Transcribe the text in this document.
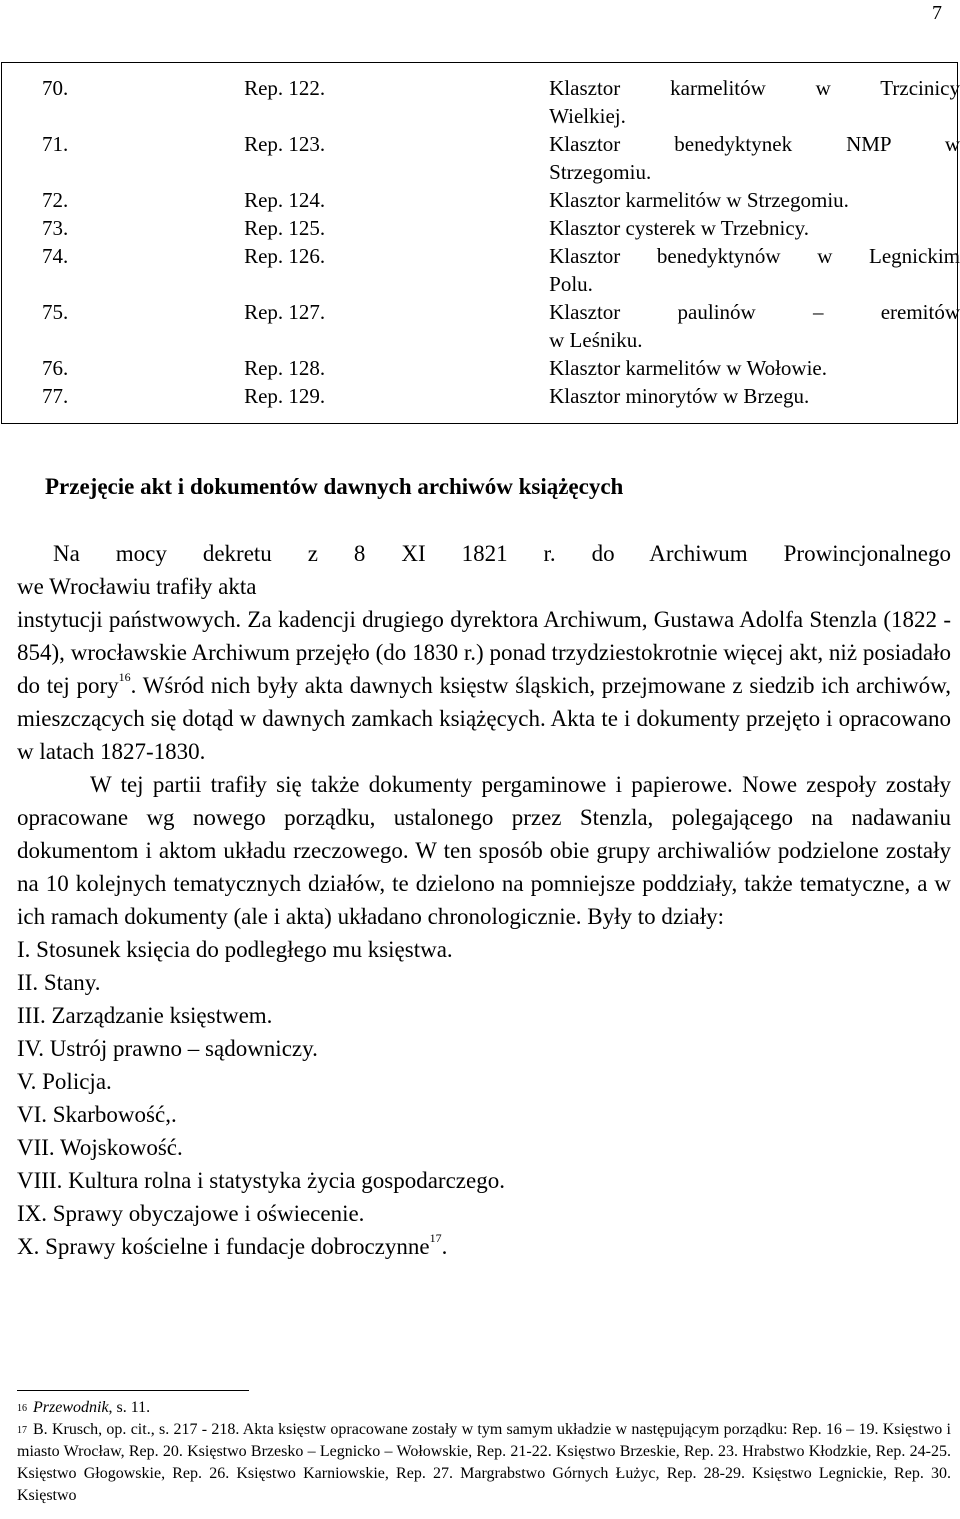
7
70.	Rep. 122.	Klasztor karmelitów w Trzcinicy
Wielkiej.

71.	Rep. 123.	Klasztor benedyktynek NMP w
Strzegomiu.

72.	Rep. 124.	Klasztor karmelitów w Strzegomiu.

73.	Rep. 125.	Klasztor cysterek w Trzebnicy.

74.	Rep. 126.	Klasztor benedyktynów w Legnickim
Polu.

75.	Rep. 127.	Klasztor paulinów – eremitów
w Leśniku.

76.	Rep. 128.	Klasztor karmelitów w Wołowie.

77.	Rep. 129.	Klasztor minorytów w Brzegu.
Przejęcie akt i dokumentów dawnych archiwów książęcych

Na mocy dekretu z 8 XI 1821 r. do Archiwum Prowincjonalnego

we Wrocławiu trafiły akta

instytucji państwowych. Za kadencji drugiego dyrektora Archiwum, Gustawa Adolfa Stenzla (1822 - 854), wrocławskie Archiwum przejęło (do 1830 r.) ponad trzydziestokrotnie więcej akt, niż posiadało do tej pory$^{16}$. Wśród nich były akta dawnych księstw śląskich, przejmowane z siedzib ich archiwów, mieszczących się dotąd w dawnych zamkach książęcych. Akta te i dokumenty przejęto i opracowano w latach 1827-1830.

W tej partii trafiły się także dokumenty pergaminowe i papierowe. Nowe zespoły zostały opracowane wg nowego porządku, ustalonego przez Stenzla, polegającego na nadawaniu dokumentom i aktom układu rzeczowego. W ten sposób obie grupy archiwaliów podzielone zostały na 10 kolejnych tematycznych działów, te dzielono na pomniejsze poddziały, także tematyczne, a w ich ramach dokumenty (ale i akta) układano chronologicznie. Były to działy:

I. Stosunek księcia do podległego mu księstwa.
II. Stany.
III. Zarządzanie księstwem.
IV. Ustrój prawno – sądowniczy.
V. Policja.
VI. Skarbowość,.
VII. Wojskowość.
VIII. Kultura rolna i statystyka życia gospodarczego.
IX. Sprawy obyczajowe i oświecenie.

X. Sprawy kościelne i fundacje dobroczynne$^{17}$.

$^{16}$ Przewodnik, s. 11.

$^{17}$ B. Krusch, op. cit., s. 217 - 218. Akta księstw opracowane zostały w tym samym układzie w następującym porządku: Rep. 16 – 19. Księstwo i miasto Wrocław, Rep. 20. Księstwo Brzesko – Legnicko – Wołowskie, Rep. 21-22. Księstwo Brzeskie, Rep. 23. Hrabstwo Kłodzkie, Rep. 24-25. Księstwo Głogowskie, Rep. 26. Księstwo Karniowskie, Rep. 27. Margrabstwo Górnych Łużyc, Rep. 28-29. Księstwo Legnickie, Rep. 30. Księstwo
